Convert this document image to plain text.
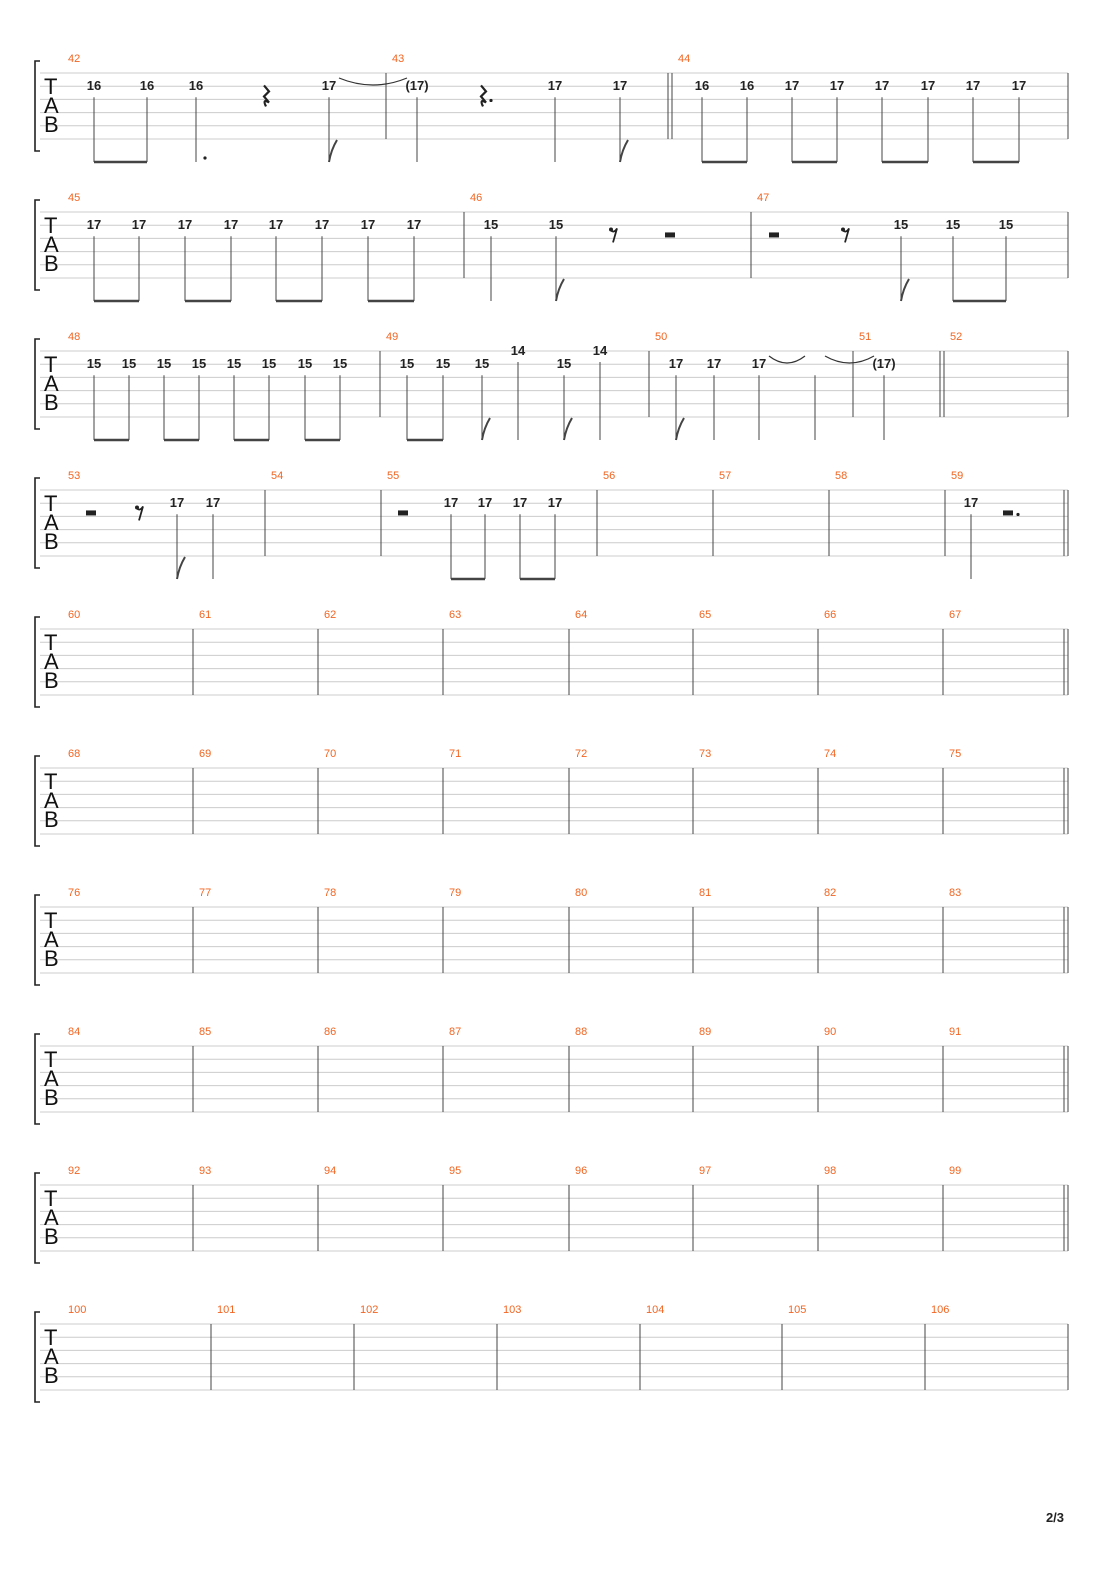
T
A
B
42	43	44
16	16	16	17	(17)	17	17	16 16 17 17 17 17 17 17
T
A
B
45	46	47
17 17 17 17 17 17 17 17	15	15	15	15	15
T
A
B
48	49	50	51	52
15 15 15 15 15 15 15 15	15 15 15
14
15
14
17 17 17	(17)
T
A
B
53	54	55	56	57	58	59
17 17	17 17 17 17	17
T
A
B
60	61	62	63	64	65	66	67
T
A
B
68	69	70	71	72	73	74	75
T
A
B
76	77	78	79	80	81	82	83
T
A
B
84	85	86	87	88	89	90	91
T
A
B
92	93	94	95	96	97	98	99
T
A
B
100	101	102	103	104	105	106
2/3
